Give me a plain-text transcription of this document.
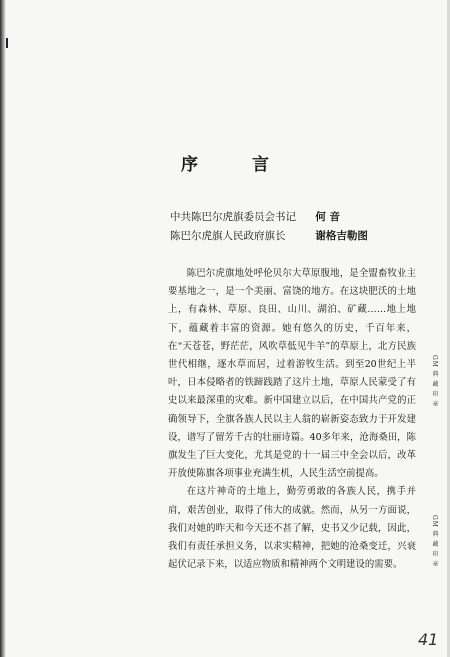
序	言
中共陈巴尔虎旗委员会书记 何 音
陈巴尔虎旗人民政府旗长	谢格吉勒图

陈巴尔虎旗地处呼伦贝尔大草原腹地，是全盟畜牧业主要基地之一，是一个美丽、富饶的地方。在这块肥沃的土地上，有森林、草原、良田、山川、湖泊、矿藏……地上地下，蕴藏着丰富的资源。她有悠久的历史，千百年来，在“天苍苍，野茫茫，风吹草低见牛羊”的草原上，北方民族世代相继，逐水草而居，过着游牧生活。到至20世纪上半叶，日本侵略者的铁蹄践踏了这片土地，草原人民蒙受了有史以来最深重的灾难。新中国建立以后，在中国共产党的正确领导下，全旗各族人民以主人翁的崭新姿态致力于开发建设，谱写了留芳千古的壮丽诗篇。40多年来，沧海桑田，陈旗发生了巨大变化，尤其是党的十一届三中全会以后，改革开放使陈旗各项事业充满生机，人民生活空前提高。

在这片神奇的土地上，勤劳勇敢的各族人民，携手并肩，艰苦创业，取得了伟大的成就。然而，从另一方面说，我们对她的昨天和今天还不甚了解，史书又少记载，因此，我们有责任承担义务，以求实精神，把她的沧桑变迁，兴衰起伏记录下来，以适应物质和精神两个文明建设的需要。

GM 典 藏 印 章
GM 典 藏 印 章
41
